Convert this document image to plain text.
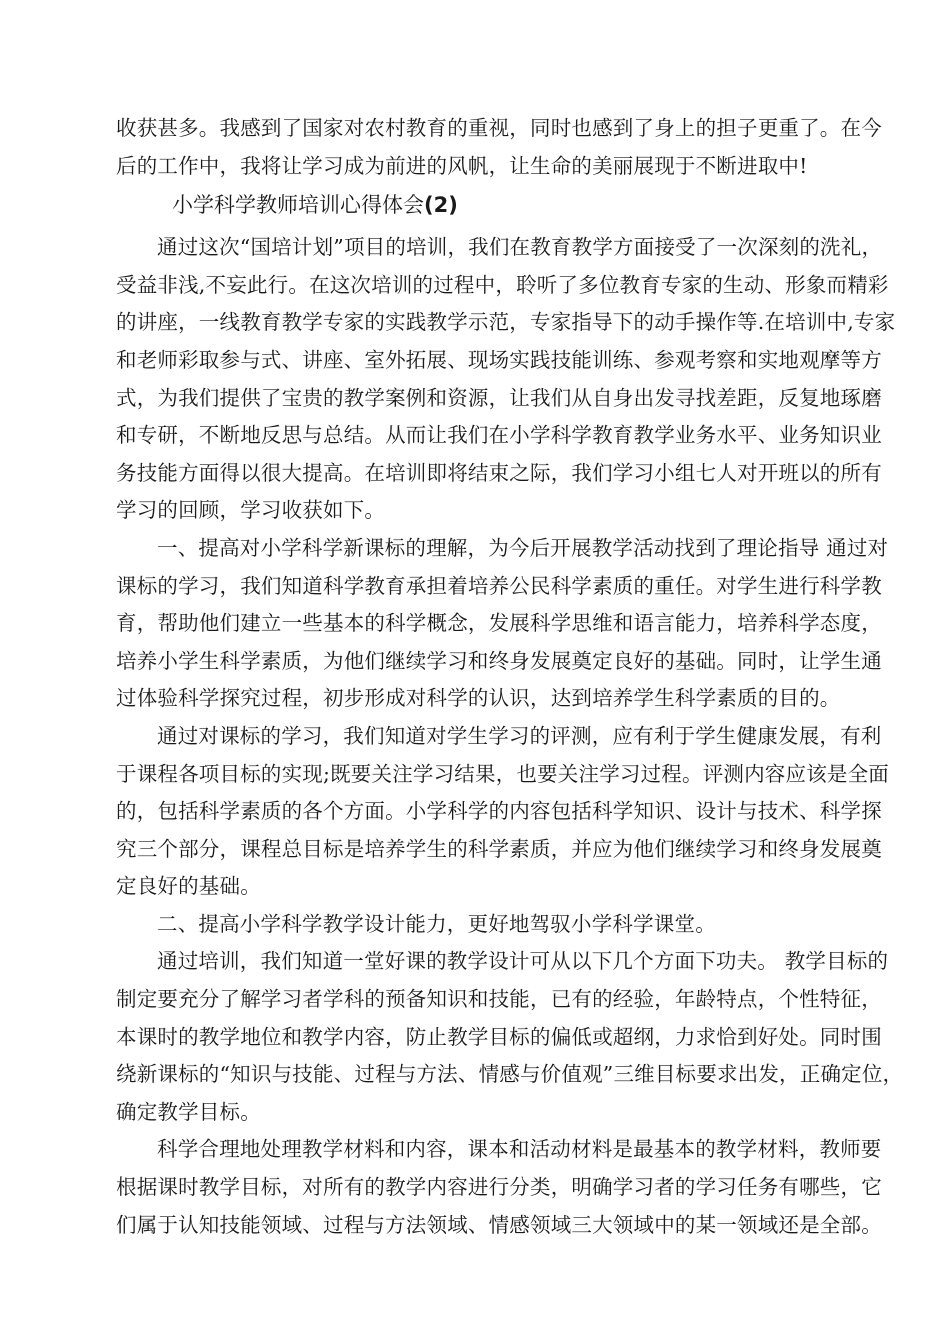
收获甚多。我感到了国家对农村教育的重视，同时也感到了身上的担子更重了。在今
后的工作中，我将让学习成为前进的风帆，让生命的美丽展现于不断进取中!
小学科学教师培训心得体会(2)
通过这次“国培计划”项目的培训，我们在教育教学方面接受了一次深刻的洗礼，
受益非浅,不妄此行。在这次培训的过程中，聆听了多位教育专家的生动、形象而精彩
的讲座，一线教育教学专家的实践教学示范，专家指导下的动手操作等.在培训中,专家
和老师彩取参与式、讲座、室外拓展、现场实践技能训练、参观考察和实地观摩等方
式，为我们提供了宝贵的教学案例和资源，让我们从自身出发寻找差距，反复地琢磨
和专研，不断地反思与总结。从而让我们在小学科学教育教学业务水平、业务知识业
务技能方面得以很大提高。在培训即将结束之际，我们学习小组七人对开班以的所有
学习的回顾，学习收获如下。
一、提高对小学科学新课标的理解，为今后开展教学活动找到了理论指导 通过对
课标的学习，我们知道科学教育承担着培养公民科学素质的重任。对学生进行科学教
育，帮助他们建立一些基本的科学概念，发展科学思维和语言能力，培养科学态度，
培养小学生科学素质，为他们继续学习和终身发展奠定良好的基础。同时，让学生通
过体验科学探究过程，初步形成对科学的认识，达到培养学生科学素质的目的。
通过对课标的学习，我们知道对学生学习的评测，应有利于学生健康发展，有利
于课程各项目标的实现;既要关注学习结果，也要关注学习过程。评测内容应该是全面
的，包括科学素质的各个方面。小学科学的内容包括科学知识、设计与技术、科学探
究三个部分，课程总目标是培养学生的科学素质，并应为他们继续学习和终身发展奠
定良好的基础。
二、提高小学科学教学设计能力，更好地驾驭小学科学课堂。
通过培训，我们知道一堂好课的教学设计可从以下几个方面下功夫。 教学目标的
制定要充分了解学习者学科的预备知识和技能，已有的经验，年龄特点，个性特征，
本课时的教学地位和教学内容，防止教学目标的偏低或超纲，力求恰到好处。同时围
绕新课标的“知识与技能、过程与方法、情感与价值观”三维目标要求出发，正确定位，
确定教学目标。
科学合理地处理教学材料和内容，课本和活动材料是最基本的教学材料，教师要
根据课时教学目标，对所有的教学内容进行分类，明确学习者的学习任务有哪些，它
们属于认知技能领域、过程与方法领域、情感领域三大领域中的某一领域还是全部。
